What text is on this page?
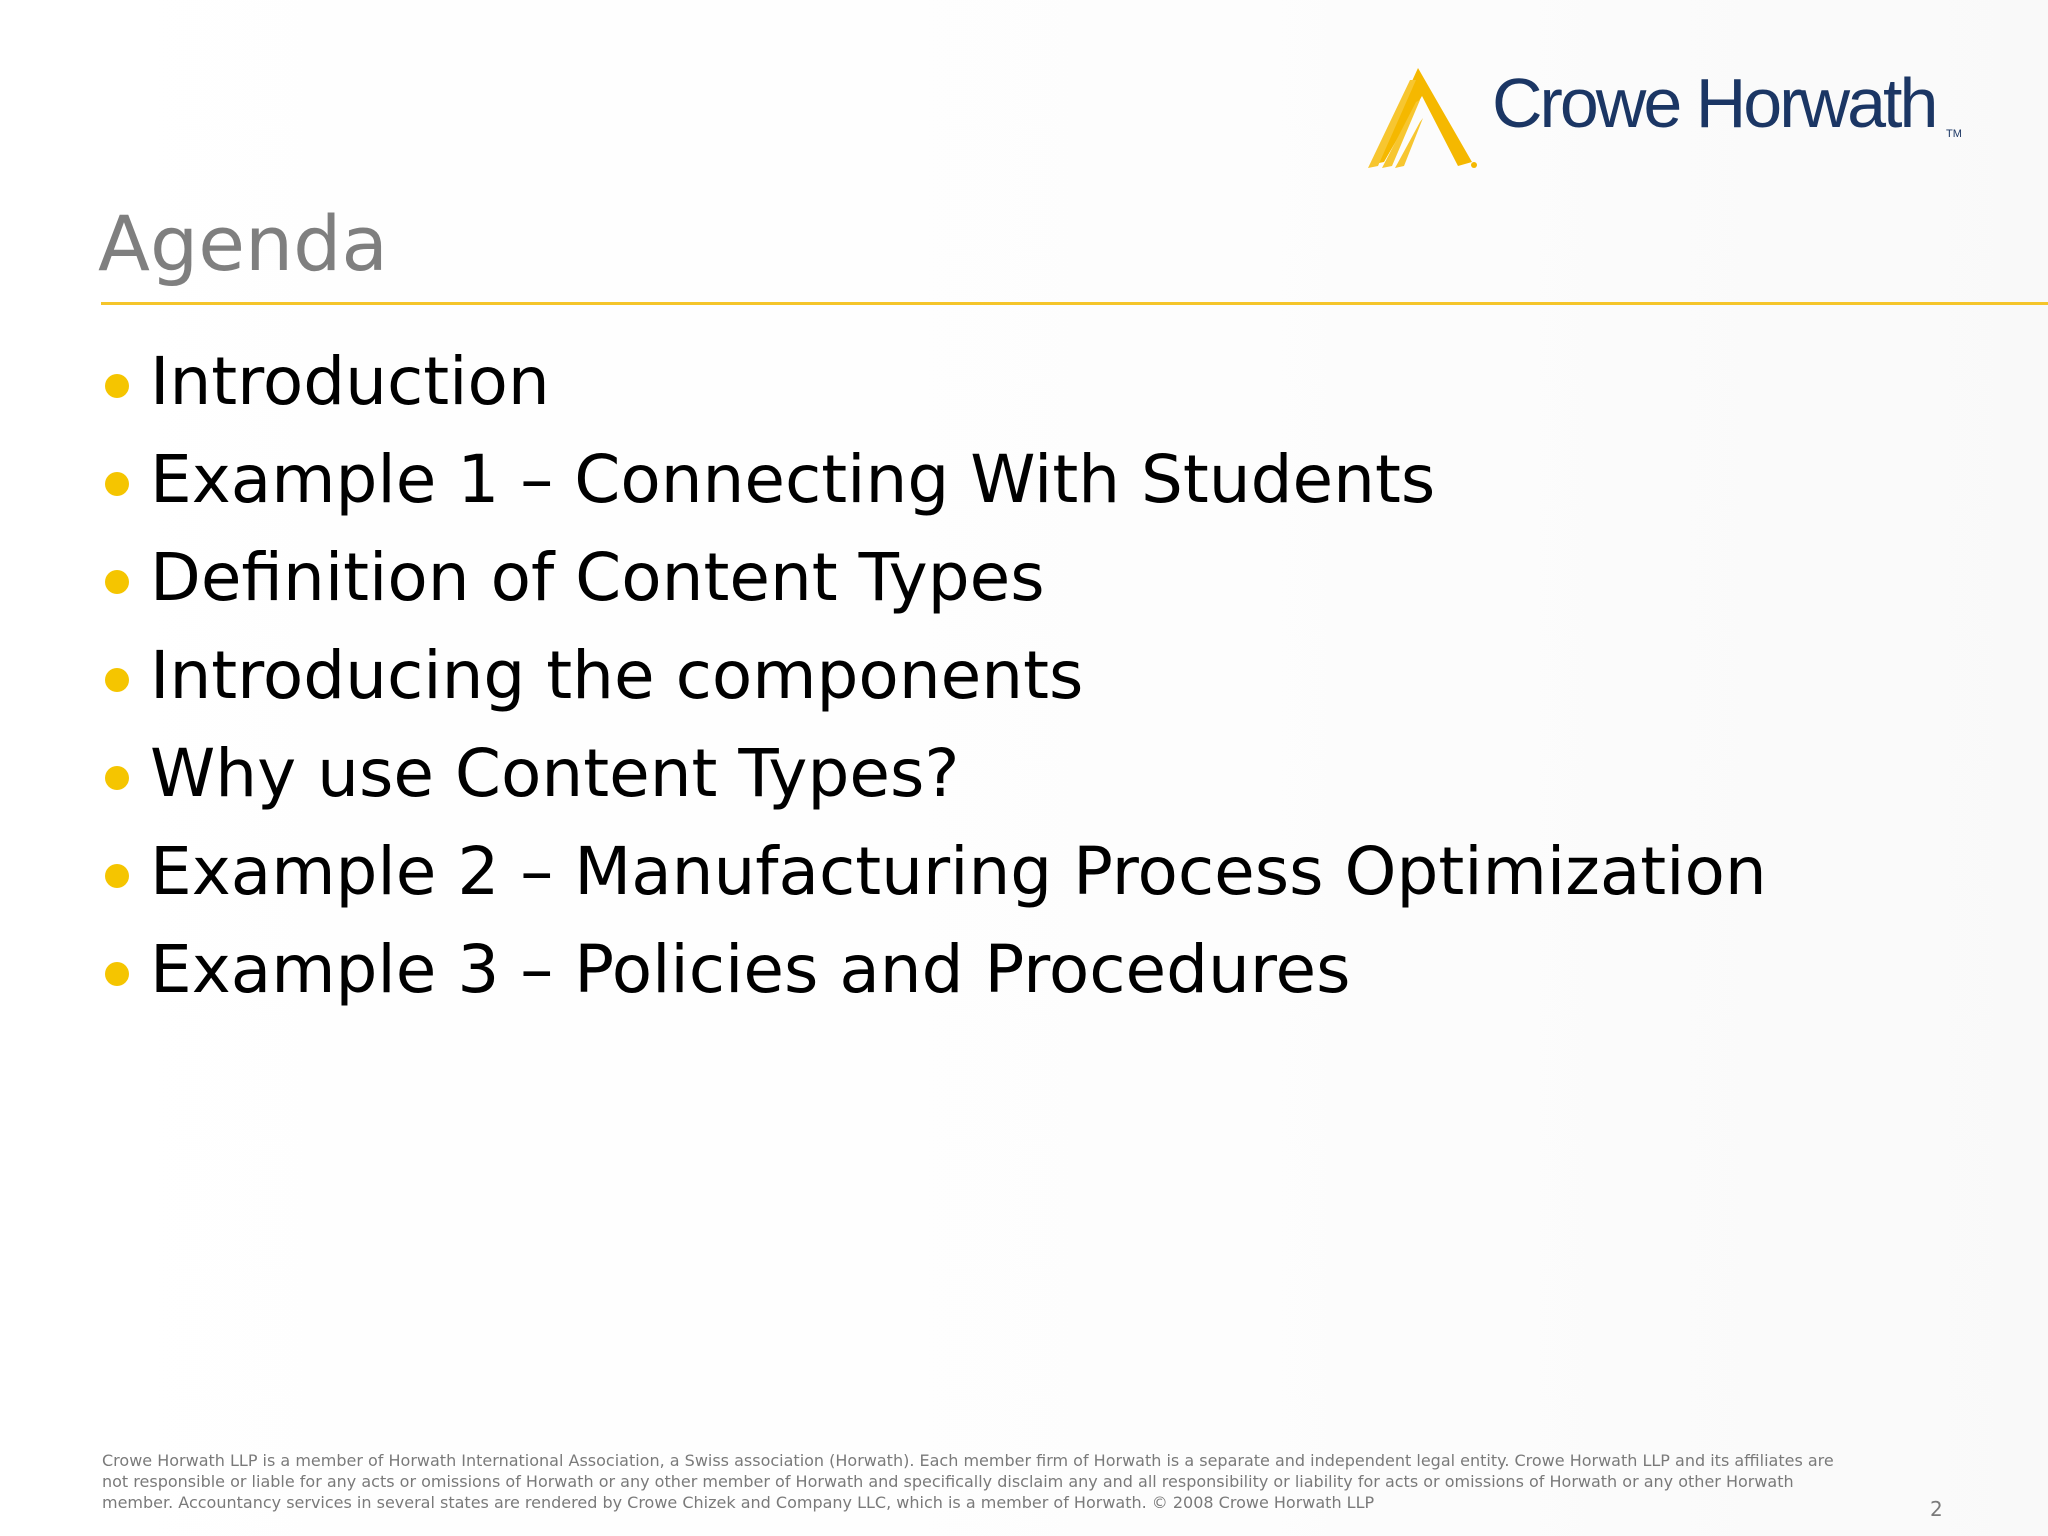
Crowe Horwath TM
Agenda
Introduction
Example 1 – Connecting With Students
Definition of Content Types
Introducing the components
Why use Content Types?
Example 2 – Manufacturing Process Optimization
Example 3 – Policies and Procedures

Crowe Horwath LLP is a member of Horwath International Association, a Swiss association (Horwath). Each member firm of Horwath is a separate and independent legal entity. Crowe Horwath LLP and its affiliates are not responsible or liable for any acts or omissions of Horwath or any other member of Horwath and specifically disclaim any and all responsibility or liability for acts or omissions of Horwath or any other Horwath member. Accountancy services in several states are rendered by Crowe Chizek and Company LLC, which is a member of Horwath. © 2008 Crowe Horwath LLP	2
